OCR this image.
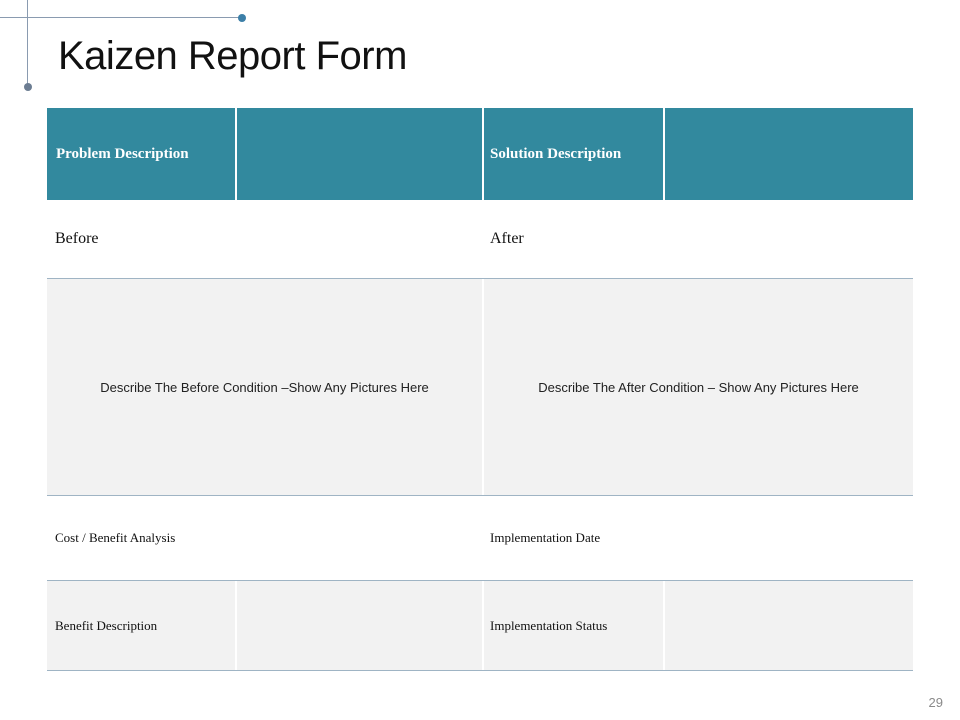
Kaizen Report Form
Problem Description	Solution Description
Before	After
Describe The Before Condition –Show Any Pictures Here	Describe The After Condition – Show Any Pictures Here
Cost / Benefit Analysis	Implementation Date
Benefit Description	Implementation Status
29
